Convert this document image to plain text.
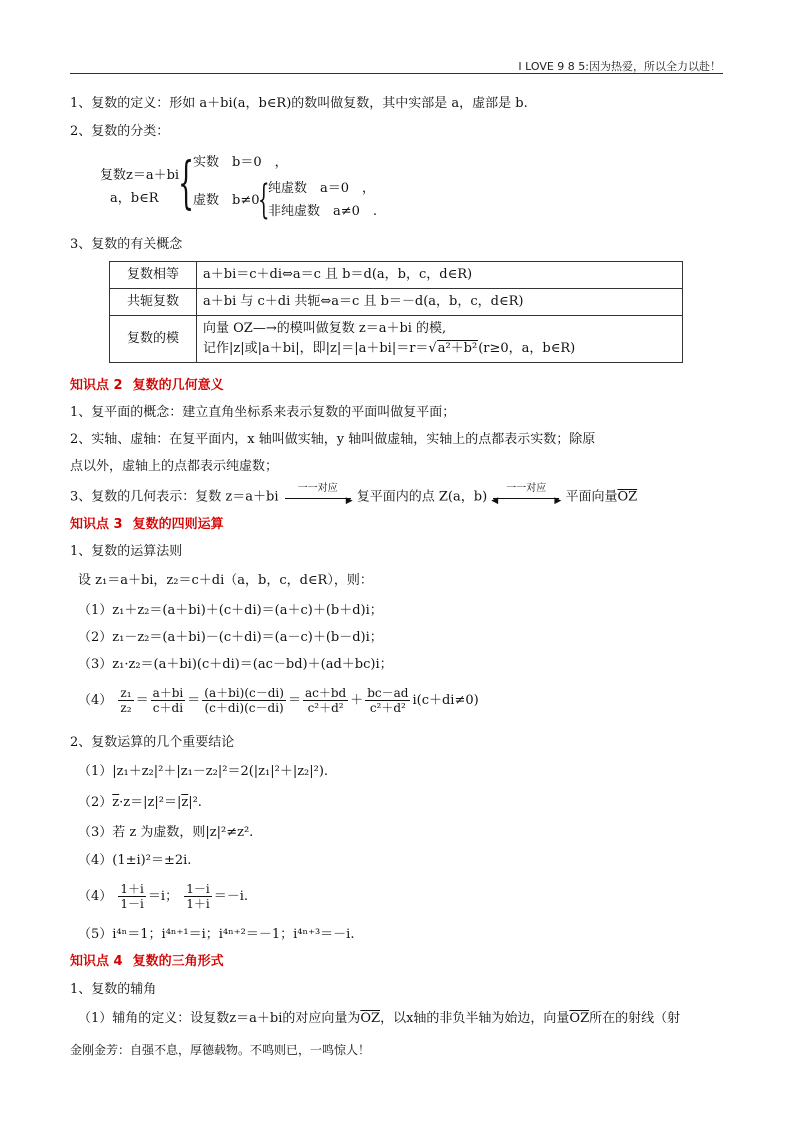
I LOVE 9 8 5:因为热爱，所以全力以赴！
1、复数的定义：形如 a＋bi(a，b∈R)的数叫做复数，其中实部是 a，虚部是 b.
2、复数的分类：
复数z＝a＋bi
a，b∈R {
实数　b＝0　，
虚数　b≠0
{
纯虚数　a＝0　，
非纯虚数　a≠0　.
3、复数的有关概念
复数相等	a＋bi＝c＋di⇔a＝c 且 b＝d(a，b，c，d∈R)
共轭复数	a＋bi 与 c＋di 共轭⇔a＝c 且 b＝－d(a，b，c，d∈R)
复数的模	向量 OZ—→的模叫做复数 z＝a＋bi 的模,
记作|z|或|a＋bi|，即|z|＝|a＋bi|＝r＝√a²＋b²(r≥0，a，b∈R)
知识点 2 复数的几何意义
1、复平面的概念：建立直角坐标系来表示复数的平面叫做复平面；
2、实轴、虚轴：在复平面内，x 轴叫做实轴，y 轴叫做虚轴，实轴上的点都表示实数；除原
点以外，虚轴上的点都表示纯虚数；
3、复数的几何表示：复数 z＝a＋bi
一一对应
▶ 复平面内的点 Z(a，b)
一一对应
◀	▶ 平面向量$\overline{OZ}$
知识点 3 复数的四则运算
1、复数的运算法则
设 z₁＝a＋bi，z₂＝c＋di（a，b，c，d∈R），则：
（1）z₁＋z₂＝(a＋bi)＋(c＋di)＝(a＋c)＋(b＋d)i；
（2）z₁－z₂＝(a＋bi)－(c＋di)＝(a－c)＋(b－d)i；
（3）z₁·z₂＝(a＋bi)(c＋di)＝(ac－bd)＋(ad＋bc)i；
$(4) \frac{\text{z₁}}{\text{z₂}} = \frac{a+bi}{c+di} = \frac{(a+bi)(c-di)}{(c+di)(c-di)} = \frac{ac+bd}{\text{c²＋d²}} + \frac{bc-ad}{\text{c²＋d²}} i(c+di\ne 0)$
2、复数运算的几个重要结论
（1）|z₁＋z₂|²＋|z₁－z₂|²＝2(|z₁|²＋|z₂|²).
$(2)\overline{z}\cdot z=|z|^2=|\overline{z}|^2$.
（3）若 z 为虚数，则|z|²≠z².
（4）(1±i)²＝±2i.
$(4) \frac{1+i}{1-i} =i$； $\frac{1-i}{1+i} =-i$.
（5）i⁴ⁿ＝1；i⁴ⁿ⁺¹＝i；i⁴ⁿ⁺²＝－1；i⁴ⁿ⁺³＝－i.
知识点 4 复数的三角形式
1、复数的辅角
（1）辅角的定义：设复数z＝a＋bi的对应向量为$\overline{OZ}$，以x轴的非负半轴为始边，向量$\overline{OZ}$所在的射线（射
金刚金芳：自强不息，厚德载物。不鸣则已，一鸣惊人！
